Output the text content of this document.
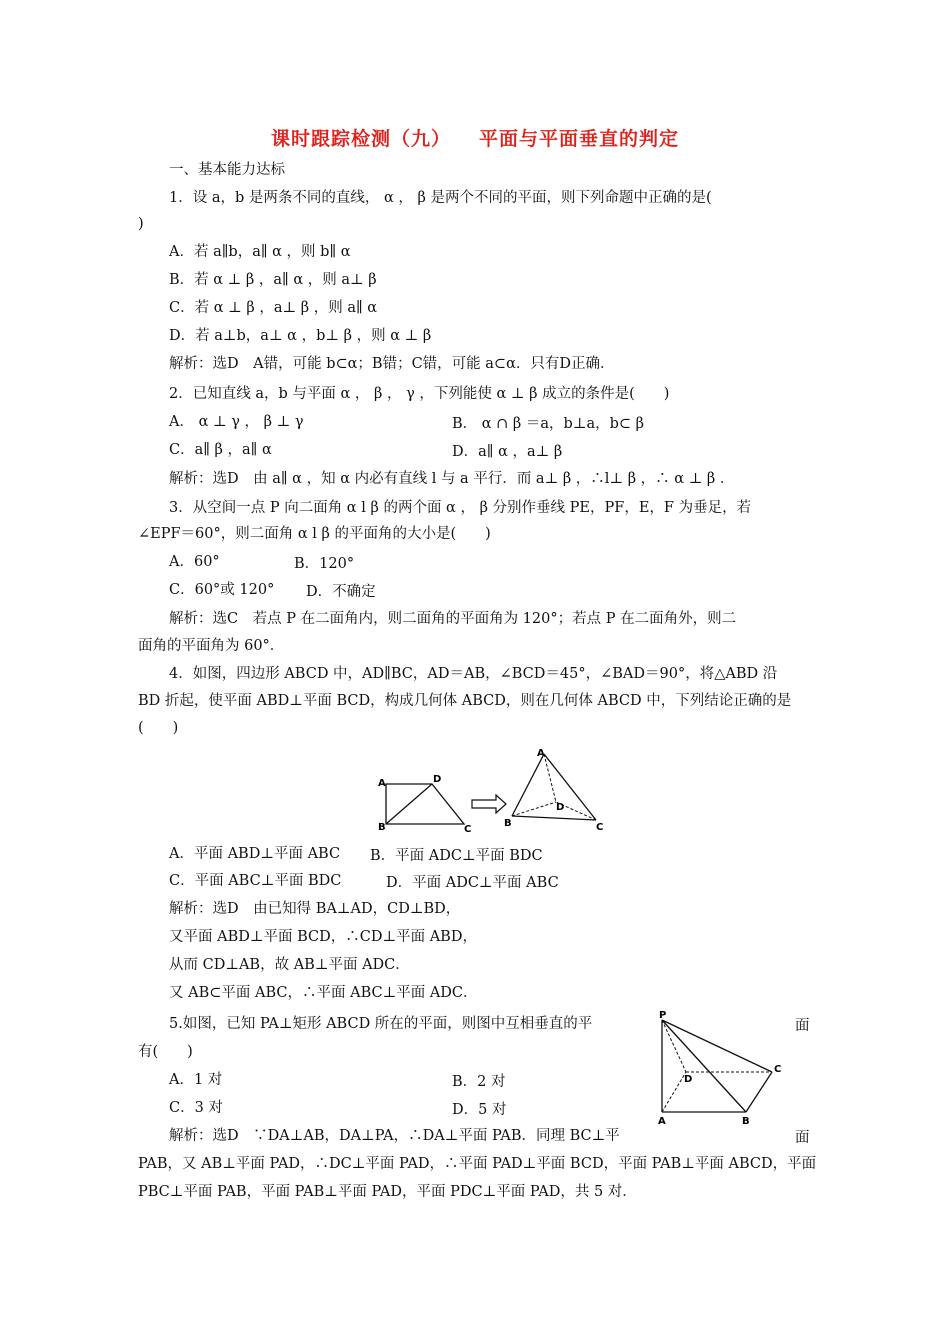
课时跟踪检测（九） 平面与平面垂直的判定
一、基本能力达标
1．设 a，b 是两条不同的直线， α ， β 是两个不同的平面，则下列命题中正确的是(
)
A．若 a∥b，a∥ α ，则 b∥ α
B．若 α ⊥ β ，a∥ α ，则 a⊥ β
C．若 α ⊥ β ，a⊥ β ，则 a∥ α
D．若 a⊥b，a⊥ α ，b⊥ β ，则 α ⊥ β
解析：选D　A错，可能 b⊂α；B错；C错，可能 a⊂α．只有D正确．
2．已知直线 a，b 与平面 α ， β ， γ ，下列能使 α ⊥ β 成立的条件是(　　)
A． α ⊥ γ ， β ⊥ γ	B． α ∩ β ＝a，b⊥a，b⊂ β
C．a∥ β ，a∥ α	D．a∥ α ，a⊥ β
解析：选D　由 a∥ α ，知 α 内必有直线 l 与 a 平行．而 a⊥ β ，∴l⊥ β ，∴ α ⊥ β ．
3．从空间一点 P 向二面角 α l β 的两个面 α ， β 分别作垂线 PE，PF，E，F 为垂足，若
∠EPF＝60°，则二面角 α l β 的平面角的大小是(　　)
A．60°	B．120°
C．60°或 120°	D．不确定
解析：选C　若点 P 在二面角内，则二面角的平面角为 120°；若点 P 在二面角外，则二
面角的平面角为 60°．
4．如图，四边形 ABCD 中，AD∥BC，AD＝AB，∠BCD＝45°，∠BAD＝90°，将△ABD 沿
BD 折起，使平面 ABD⊥平面 BCD，构成几何体 ABCD，则在几何体 ABCD 中，下列结论正确的是
(　　)
A	D
B	C
A
D
B	C
A．平面 ABD⊥平面 ABC	B．平面 ADC⊥平面 BDC
C．平面 ABC⊥平面 BDC	D．平面 ADC⊥平面 ABC
解析：选D　由已知得 BA⊥AD，CD⊥BD，
又平面 ABD⊥平面 BCD，∴CD⊥平面 ABD，
从而 CD⊥AB，故 AB⊥平面 ADC．
又 AB⊂平面 ABC，∴平面 ABC⊥平面 ADC．
5.如图，已知 PA⊥矩形 ABCD 所在的平面，则图中互相垂直的平	面
有(　　)
A．1 对	B．2 对
C．3 对	D．5 对
P
D
C
A	B
解析：选D　∵DA⊥AB，DA⊥PA，∴DA⊥平面 PAB．同理 BC⊥平	面
PAB，又 AB⊥平面 PAD，∴DC⊥平面 PAD，∴平面 PAD⊥平面 BCD，平面 PAB⊥平面 ABCD，平面
PBC⊥平面 PAB，平面 PAB⊥平面 PAD，平面 PDC⊥平面 PAD，共 5 对．
